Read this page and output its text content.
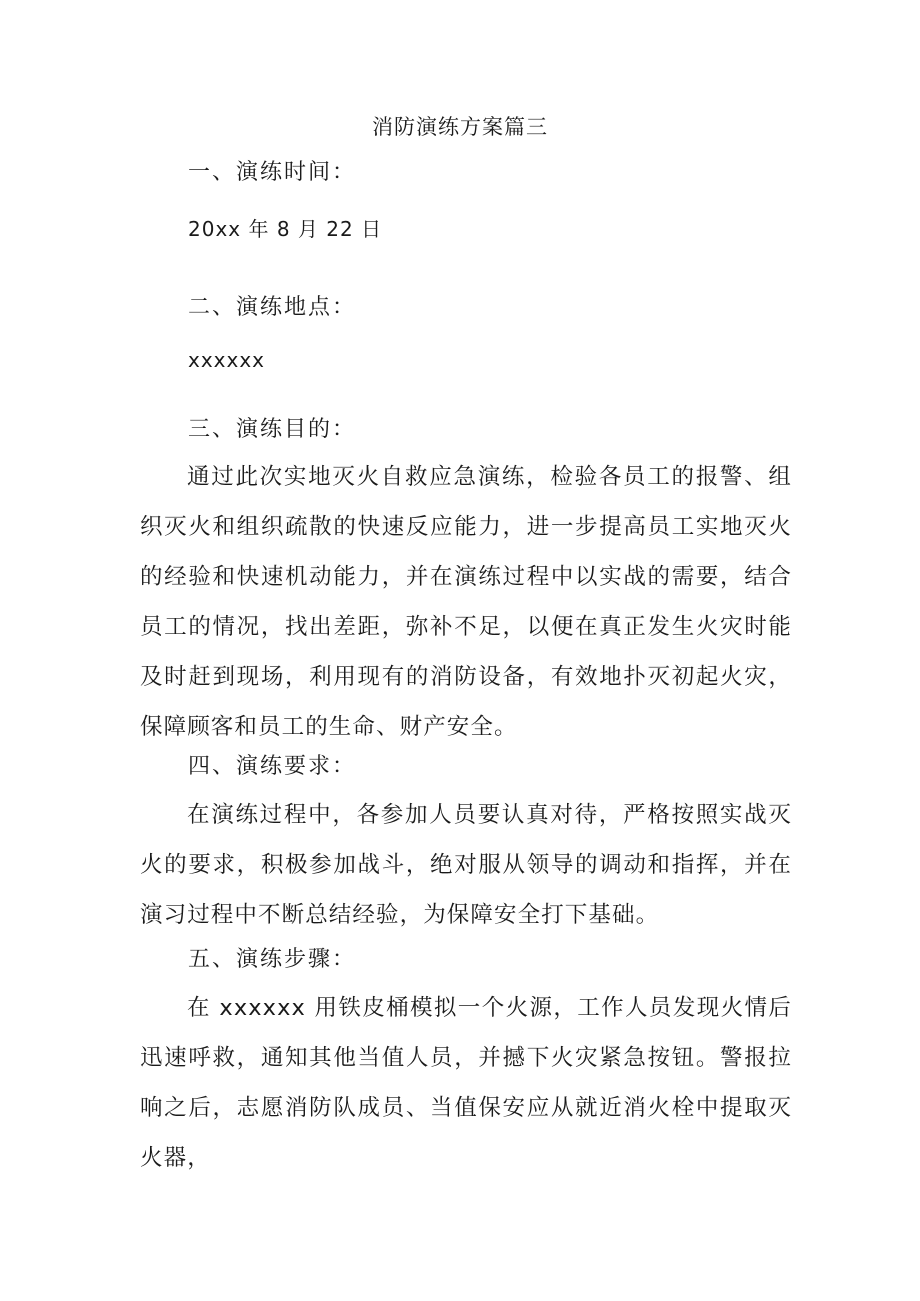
消防演练方案篇三
一、演练时间：
20xx 年 8 月 22 日
二、演练地点：
xxxxxx
三、演练目的：
通过此次实地灭火自救应急演练，检验各员工的报警、组织灭火和组织疏散的快速反应能力，进一步提高员工实地灭火的经验和快速机动能力，并在演练过程中以实战的需要，结合员工的情况，找出差距，弥补不足，以便在真正发生火灾时能及时赶到现场，利用现有的消防设备，有效地扑灭初起火灾，保障顾客和员工的生命、财产安全。
四、演练要求：
在演练过程中，各参加人员要认真对待，严格按照实战灭火的要求，积极参加战斗，绝对服从领导的调动和指挥，并在演习过程中不断总结经验，为保障安全打下基础。
五、演练步骤：
在 xxxxxx 用铁皮桶模拟一个火源，工作人员发现火情后迅速呼救，通知其他当值人员，并撼下火灾紧急按钮。警报拉响之后，志愿消防队成员、当值保安应从就近消火栓中提取灭火器，
